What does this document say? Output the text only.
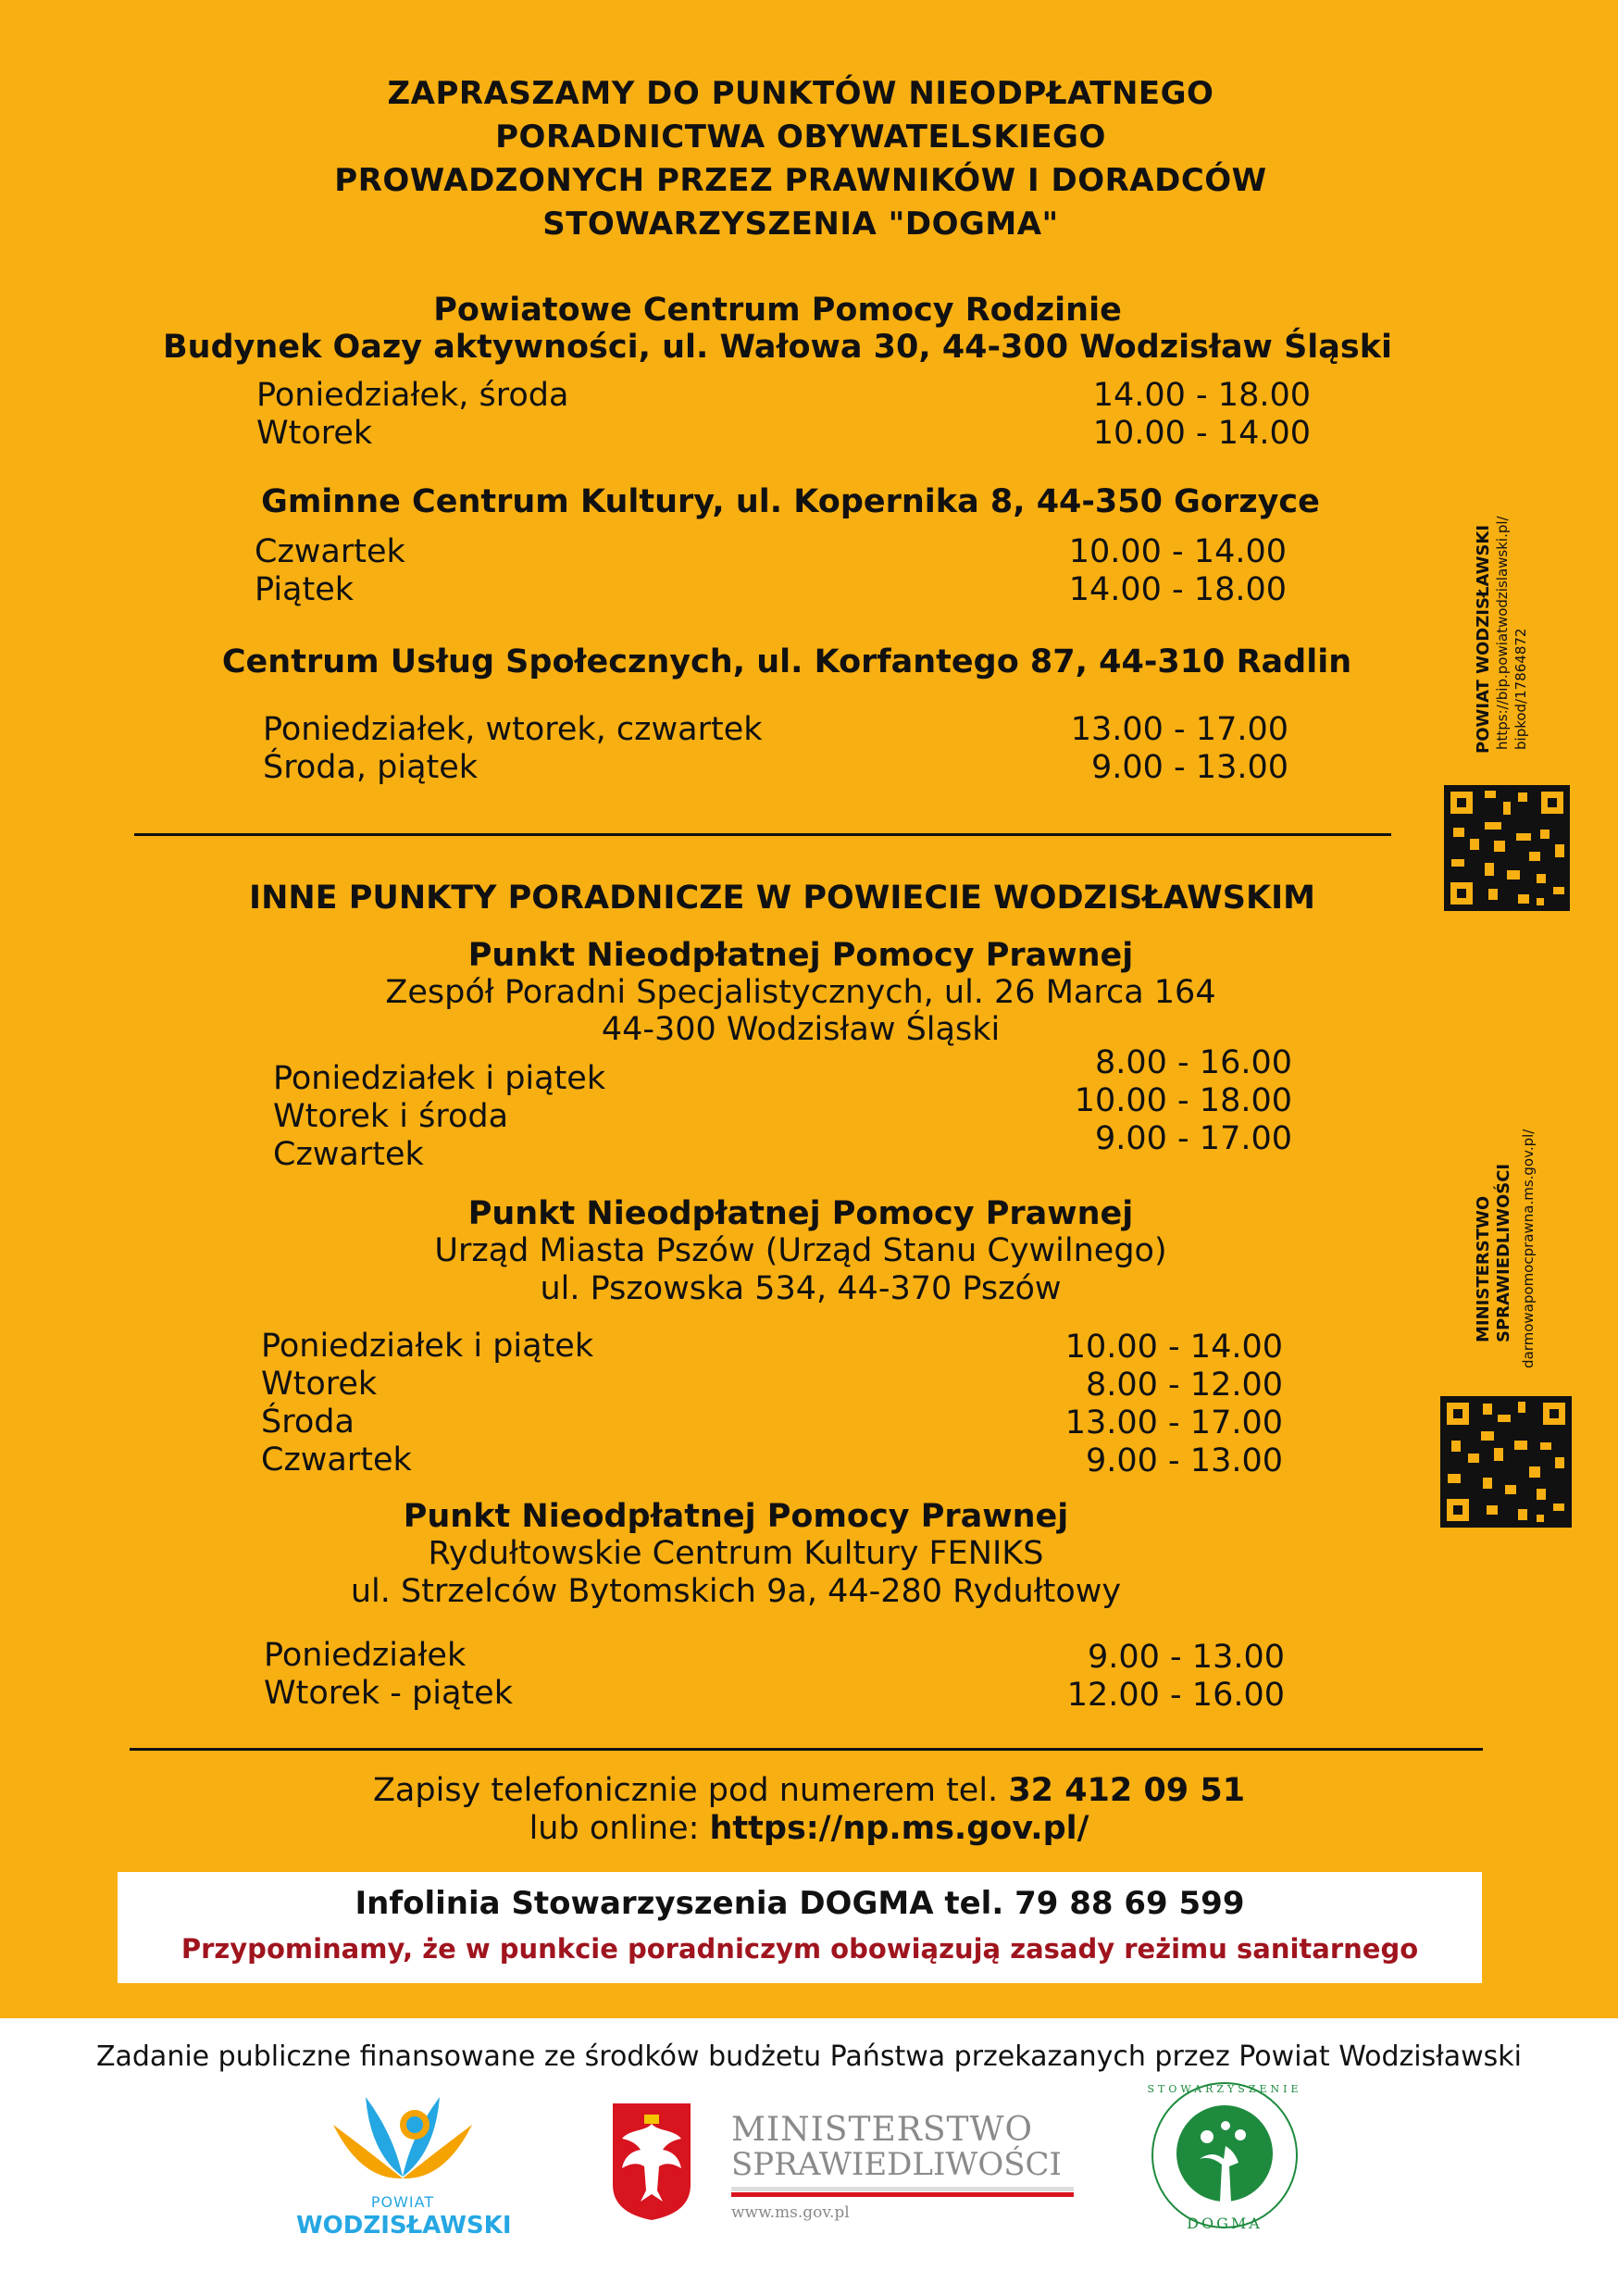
ZAPRASZAMY DO PUNKTÓW NIEODPŁATNEGO
PORADNICTWA OBYWATELSKIEGO
PROWADZONYCH PRZEZ PRAWNIKÓW I DORADCÓW
STOWARZYSZENIA "DOGMA"
Powiatowe Centrum Pomocy Rodzinie
Budynek Oazy aktywności, ul. Wałowa 30, 44-300 Wodzisław Śląski
Poniedziałek, środa
Wtorek
14.00 - 18.00
10.00 - 14.00
Gminne Centrum Kultury, ul. Kopernika 8, 44-350 Gorzyce
Czwartek
Piątek
10.00 - 14.00
14.00 - 18.00
Centrum Usług Społecznych, ul. Korfantego 87, 44-310 Radlin
Poniedziałek, wtorek, czwartek
Środa, piątek
13.00 - 17.00
9.00 - 13.00
INNE PUNKTY PORADNICZE W POWIECIE WODZISŁAWSKIM
Punkt Nieodpłatnej Pomocy Prawnej
Zespół Poradni Specjalistycznych, ul. 26 Marca 164
44-300 Wodzisław Śląski
Poniedziałek i piątek
Wtorek i środa
Czwartek
8.00 - 16.00
10.00 - 18.00
9.00 - 17.00
Punkt Nieodpłatnej Pomocy Prawnej
Urząd Miasta Pszów (Urząd Stanu Cywilnego)
ul. Pszowska 534, 44-370 Pszów
Poniedziałek i piątek
Wtorek
Środa
Czwartek
10.00 - 14.00
8.00 - 12.00
13.00 - 17.00
9.00 - 13.00
Punkt Nieodpłatnej Pomocy Prawnej
Rydułtowskie Centrum Kultury FENIKS
ul. Strzelców Bytomskich 9a, 44-280 Rydułtowy
Poniedziałek
Wtorek - piątek
9.00 - 13.00
12.00 - 16.00
Zapisy telefonicznie pod numerem tel. 32 412 09 51
lub online: https://np.ms.gov.pl/
Infolinia Stowarzyszenia DOGMA tel. 79 88 69 599
Przypominamy, że w punkcie poradniczym obowiązują zasady reżimu sanitarnego
POWIAT WODZISŁAWSKI https://bip.powiatwodzislawski.pl/ bipkod/17864872
MINISTERSTWO SPRAWIEDLIWOŚCI darmowapomocprawna.ms.gov.pl/
Zadanie publiczne finansowane ze środków budżetu Państwa przekazanych przez Powiat Wodzisławski
POWIAT
WODZISŁAWSKI
MINISTERSTWO
SPRAWIEDLIWOŚCI
www.ms.gov.pl
STOWARZYSZENIE
DOGMA
